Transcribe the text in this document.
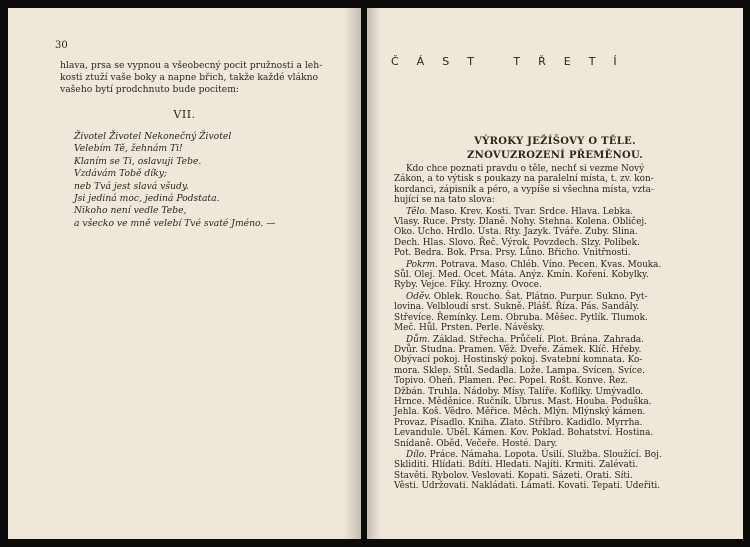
30
hlava, prsa se vypnou a všeobecný pocit pružnosti a leh-
kosti ztuží vaše boky a napne břich, takže každé vlákno
vašeho bytí prodchnuto bude pocitem:
VII.
Životel Životel Nekonečný Životel
Velebím Tě, žehnám Ti!
Klaním se Ti, oslavuji Tebe.
Vzdávám Tobě díky;
neb Tvá jest slavá všudy.
Jsi jediná moc, jediná Podstata.
Nikoho není vedle Tebe,
a všecko ve mně velebí Tvé svaté Jméno. —
ČÁST TŘETÍ
VÝROKY JEŽÍŠOVY O TĚLE.
ZNOVUZROZENÍ PŘEMĚNOU.
Kdo chce poznati pravdu o těle, nechť si vezme Nový
Zákon, a to výtisk s poukazy na paralelní místa, t. zv. kon-
kordanci, zápisník a péro, a vypíše si všechna místa, vzta-
hující se na tato slova:
Tělo. Maso. Krev. Kosti. Tvar. Srdce. Hlava. Lebka.
Vlasy. Ruce. Prsty. Dlaně. Nohy. Stehna. Kolena. Obličej.
Oko. Ucho. Hrdlo. Ústa. Rty. Jazyk. Tváře. Zuby. Slina.
Dech. Hlas. Slovo. Řeč. Výrok. Povzdech. Slzy. Políbek.
Pot. Bedra. Bok. Prsa. Prsy. Lůno. Břicho. Vnitřnosti.
Pokrm. Potrava. Maso. Chléb. Víno. Pecen. Kvas. Mouka.
Sůl. Olej. Med. Ocet. Máta. Anýz. Kmín. Koření. Kobylky.
Ryby. Vejce. Fíky. Hrozny. Ovoce.
Oděv. Oblek. Roucho. Šat. Plátno. Purpur. Sukno. Pyt-
lovina. Velbloudí srst. Sukně. Plášť. Říza. Pás. Sandály.
Střevíce. Řemínky. Lem. Obruba. Měšec. Pytlík. Tlumok.
Meč. Hůl. Prsten. Perle. Návěsky.
Dům. Základ. Střecha. Průčelí. Plot. Brána. Zahrada.
Dvůr. Studna. Pramen. Věž. Dveře. Zámek. Klíč. Hřeby.
Obývací pokoj. Hostinský pokoj. Svatební komnata. Ko-
mora. Sklep. Stůl. Sedadla. Lože. Lampa. Svícen. Svíce.
Topivo. Oheň. Plamen. Pec. Popel. Rošt. Konve. Řez.
Džbán. Truhla. Nádoby. Mísy. Talíře. Koflíky. Umývadlo.
Hrnce. Měděnice. Ručník. Ubrus. Mast. Houba. Poduška.
Jehla. Koš. Vědro. Měřice. Měch. Mlýn. Mlýnský kámen.
Provaz. Písadlo. Kniha. Zlato. Stříbro. Kadidlo. Myrrha.
Levandule. Úběl. Kámen. Kov. Poklad. Bohatství. Hostina.
Snídaně. Oběd. Večeře. Hosté. Dary.
Dílo. Práce. Námaha. Lopota. Úsilí. Služba. Sloužící. Boj.
Skliditi. Hlídati. Bdíti. Hledati. Najíti. Krmiti. Zalévati.
Stavěti. Rybolov. Veslovati. Kopati. Sázeti. Orati. Síti.
Věsti. Udržovati. Nakládati. Lámati. Kovati. Tepati. Udeřiti.
